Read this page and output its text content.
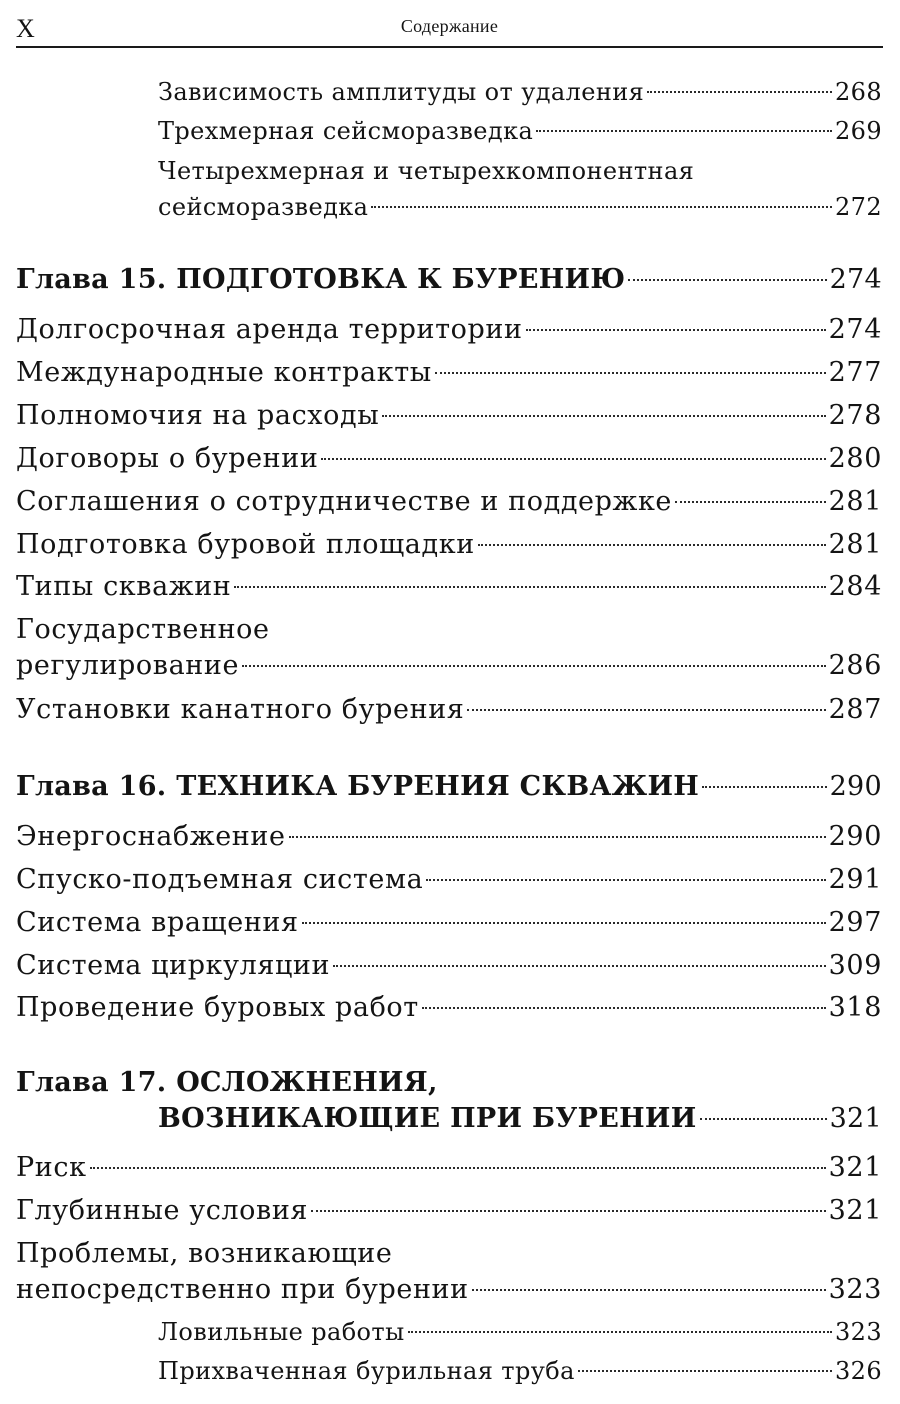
X	Содержание
Зависимость амплитуды от удаления	268
Трехмерная сейсморазведка	269
Четырехмерная и четырехкомпонентная
сейсморазведка	272
Глава 15. ПОДГОТОВКА К БУРЕНИЮ	274
Долгосрочная аренда территории	274
Международные контракты	277
Полномочия на расходы	278
Договоры о бурении	280
Соглашения о сотрудничестве и поддержке	281
Подготовка буровой площадки	281
Типы скважин	284
Государственное
регулирование	286
Установки канатного бурения	287
Глава 16. ТЕХНИКА БУРЕНИЯ СКВАЖИН	290
Энергоснабжение	290
Спуско-подъемная система	291
Система вращения	297
Система циркуляции	309
Проведение буровых работ	318
Глава 17. ОСЛОЖНЕНИЯ,
ВОЗНИКАЮЩИЕ ПРИ БУРЕНИИ	321
Риск	321
Глубинные условия	321
Проблемы, возникающие
непосредственно при бурении	323
Ловильные работы	323
Прихваченная бурильная труба	326
